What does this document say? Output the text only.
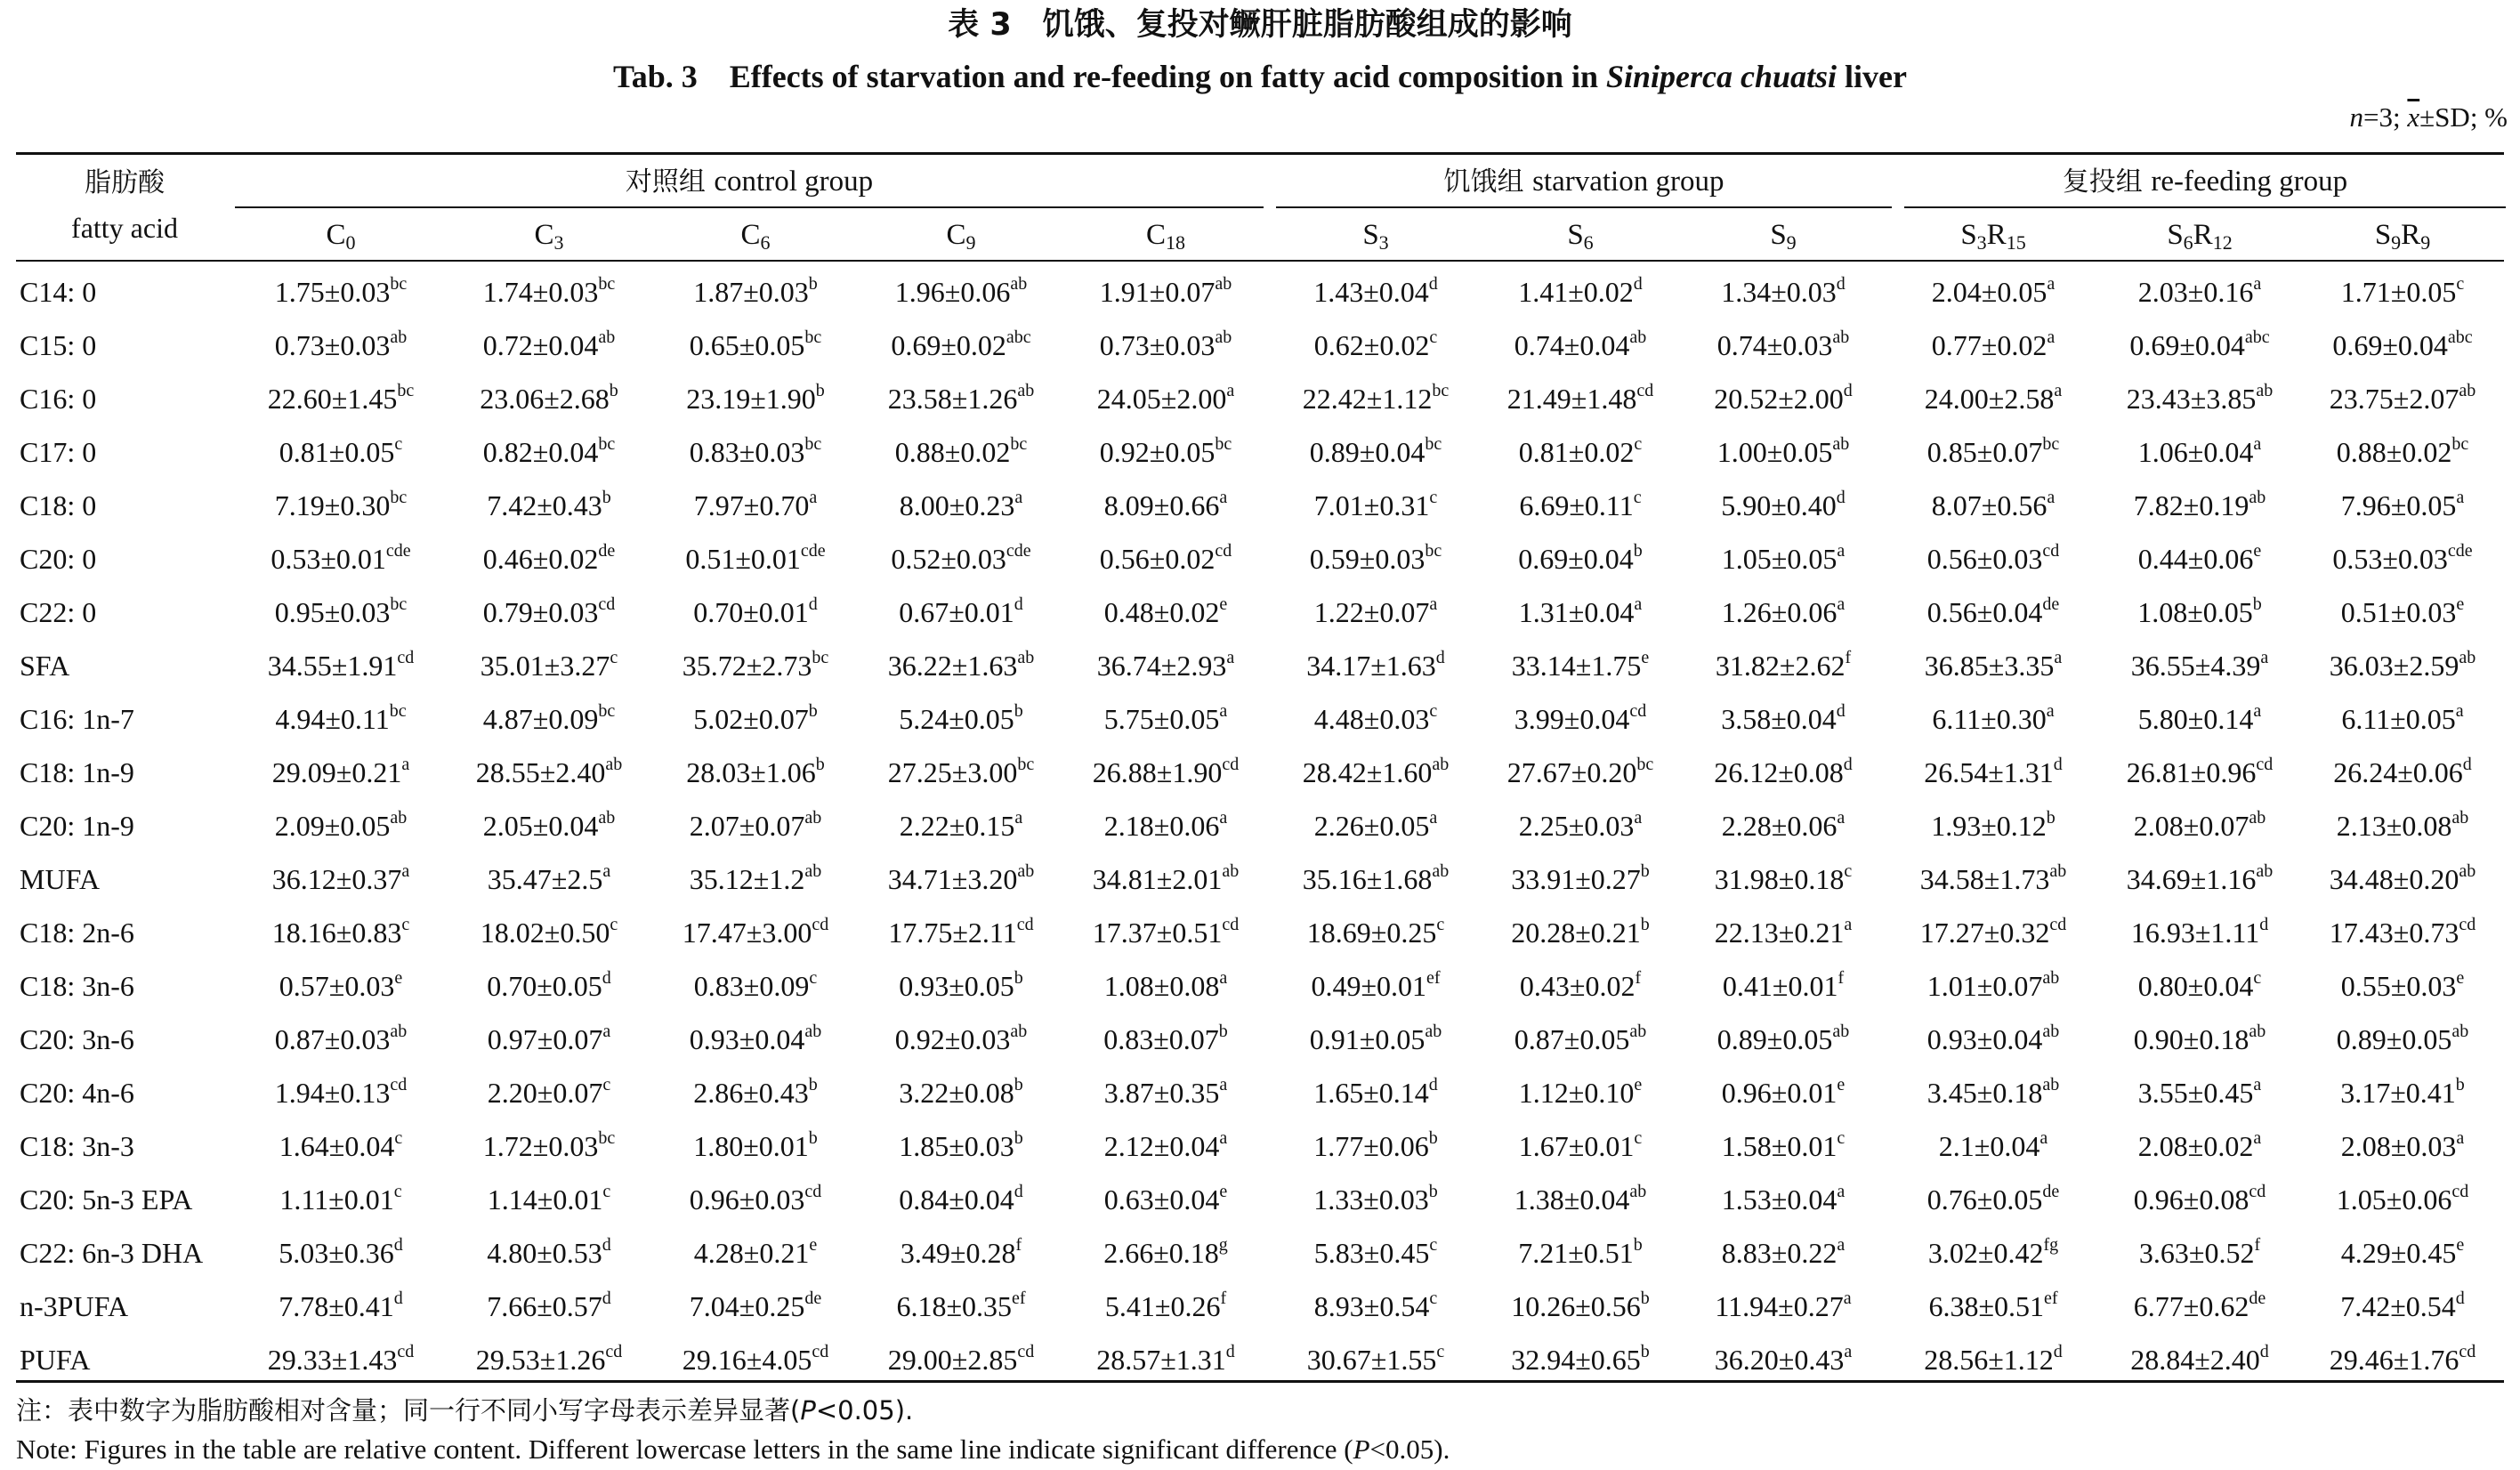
表 3　饥饿、复投对鳜肝脏脂肪酸组成的影响
Tab. 3　Effects of starvation and re-feeding on fatty acid composition in Siniperca chuatsi liver
n=3; $\overline{x}\pm SD$; %
脂肪酸
fatty acid
对照组 control group	饥饿组 starvation group	复投组 re-feeding group
$C_0$	$C_3$	$C_6$	$C_9$	$C_{18}$	$S_3$	$S_6$	$S_9$	$S_3R_{15}$	$S_6R_{12}$	$S_9R_9$
C14: 0	1.75±0.03$^{bc}$	1.74±0.03$^{bc}$	1.87±0.03$^b$	1.96±0.06$^{ab}$	1.91±0.07$^{ab}$	1.43±0.04$^d$	1.41±0.02$^d$	1.34±0.03$^d$	2.04±0.05$^a$	2.03±0.16$^a$	1.71±0.05$^c$
C15: 0	0.73±0.03$^{ab}$	0.72±0.04$^{ab}$	0.65±0.05$^{bc}$	0.69±0.02$^{abc}$	0.73±0.03$^{ab}$	0.62±0.02$^c$	0.74±0.04$^{ab}$	0.74±0.03$^{ab}$	0.77±0.02$^a$	0.69±0.04$^{abc}$	0.69±0.04$^{abc}$
C16: 0	22.60±1.45$^{bc}$	23.06±2.68$^b$	23.19±1.90$^b$	23.58±1.26$^{ab}$	24.05±2.00$^a$	22.42±1.12$^{bc}$	21.49±1.48$^{cd}$	20.52±2.00$^d$	24.00±2.58$^a$	23.43±3.85$^{ab}$	23.75±2.07$^{ab}$
C17: 0	0.81±0.05$^c$	0.82±0.04$^{bc}$	0.83±0.03$^{bc}$	0.88±0.02$^{bc}$	0.92±0.05$^{bc}$	0.89±0.04$^{bc}$	0.81±0.02$^c$	1.00±0.05$^{ab}$	0.85±0.07$^{bc}$	1.06±0.04$^a$	0.88±0.02$^{bc}$
C18: 0	7.19±0.30$^{bc}$	7.42±0.43$^b$	7.97±0.70$^a$	8.00±0.23$^a$	8.09±0.66$^a$	7.01±0.31$^c$	6.69±0.11$^c$	5.90±0.40$^d$	8.07±0.56$^a$	7.82±0.19$^{ab}$	7.96±0.05$^a$
C20: 0	0.53±0.01$^{cde}$	0.46±0.02de	0.51±0.01$^{cde}$	0.52±0.03$^{cde}$	0.56±0.02$^{cd}$	0.59±0.03$^{bc}$	0.69±0.04$^b$	1.05±0.05$^a$	0.56±0.03$^{cd}$	0.44±0.06$^e$	0.53±0.03$^{cde}$
C22: 0	0.95±0.03$^{bc}$	0.79±0.03$^{cd}$	0.70±0.01$^d$	0.67±0.01$^d$	0.48±0.02$^e$	1.22±0.07$^a$	1.31±0.04$^a$	1.26±0.06$^a$	0.56±0.04de	1.08±0.05$^b$	0.51±0.03$^e$
SFA	34.55±1.91$^{cd}$	35.01±3.27$^c$	35.72±2.73$^{bc}$	36.22±1.63$^{ab}$	36.74±2.93$^a$	34.17±1.63$^d$	33.14±1.75$^e$	31.82±2.62$^f$	36.85±3.35$^a$	36.55±4.39$^a$	36.03±2.59$^{ab}$
C16: 1n-7	4.94±0.11$^{bc}$	4.87±0.09$^{bc}$	5.02±0.07$^b$	5.24±0.05$^b$	5.75±0.05$^a$	4.48±0.03$^c$	3.99±0.04$^{cd}$	3.58±0.04$^d$	6.11±0.30$^a$	5.80±0.14$^a$	6.11±0.05$^a$
C18: 1n-9	29.09±0.21$^a$	28.55±2.40$^{ab}$	28.03±1.06$^b$	27.25±3.00$^{bc}$	26.88±1.90$^{cd}$	28.42±1.60$^{ab}$	27.67±0.20$^{bc}$	26.12±0.08$^d$	26.54±1.31$^d$	26.81±0.96$^{cd}$	26.24±0.06$^d$
C20: 1n-9	2.09±0.05$^{ab}$	2.05±0.04$^{ab}$	2.07±0.07$^{ab}$	2.22±0.15$^a$	2.18±0.06$^a$	2.26±0.05$^a$	2.25±0.03$^a$	2.28±0.06$^a$	1.93±0.12$^b$	2.08±0.07$^{ab}$	2.13±0.08$^{ab}$
MUFA	36.12±0.37$^a$	35.47±2.5$^a$	35.12±1.2$^{ab}$	34.71±3.20$^{ab}$	34.81±2.01$^{ab}$	35.16±1.68$^{ab}$	33.91±0.27$^b$	31.98±0.18$^c$	34.58±1.73$^{ab}$	34.69±1.16$^{ab}$	34.48±0.20$^{ab}$
C18: 2n-6	18.16±0.83$^c$	18.02±0.50$^c$	17.47±3.00$^{cd}$	17.75±2.11$^{cd}$	17.37±0.51$^{cd}$	18.69±0.25$^c$	20.28±0.21$^b$	22.13±0.21$^a$	17.27±0.32$^{cd}$	16.93±1.11$^d$	17.43±0.73$^{cd}$
C18: 3n-6	0.57±0.03$^e$	0.70±0.05$^d$	0.83±0.09$^c$	0.93±0.05$^b$	1.08±0.08$^a$	0.49±0.01$^{ef}$	0.43±0.02$^f$	0.41±0.01$^f$	1.01±0.07$^{ab}$	0.80±0.04$^c$	0.55±0.03$^e$
C20: 3n-6	0.87±0.03$^{ab}$	0.97±0.07$^a$	0.93±0.04$^{ab}$	0.92±0.03$^{ab}$	0.83±0.07$^b$	0.91±0.05$^{ab}$	0.87±0.05$^{ab}$	0.89±0.05$^{ab}$	0.93±0.04$^{ab}$	0.90±0.18$^{ab}$	0.89±0.05$^{ab}$
C20: 4n-6	1.94±0.13$^{cd}$	2.20±0.07$^c$	2.86±0.43$^b$	3.22±0.08$^b$	3.87±0.35$^a$	1.65±0.14$^d$	1.12±0.10$^e$	0.96±0.01$^e$	3.45±0.18$^{ab}$	3.55±0.45$^a$	3.17±0.41$^b$
C18: 3n-3	1.64±0.04$^c$	1.72±0.03$^{bc}$	1.80±0.01$^b$	1.85±0.03$^b$	2.12±0.04$^a$	1.77±0.06$^b$	1.67±0.01$^c$	1.58±0.01$^c$	2.1±0.04$^a$	2.08±0.02$^a$	2.08±0.03$^a$
C20: 5n-3 EPA	1.11±0.01$^c$	1.14±0.01$^c$	0.96±0.03$^{cd}$	0.84±0.04$^d$	0.63±0.04$^e$	1.33±0.03$^b$	1.38±0.04$^{ab}$	1.53±0.04$^a$	0.76±0.05de	0.96±0.08$^{cd}$	1.05±0.06$^{cd}$
C22: 6n-3 DHA	5.03±0.36$^d$	4.80±0.53$^d$	4.28±0.21$^e$	3.49±0.28$^f$	2.66±0.18$^g$	5.83±0.45$^c$	7.21±0.51$^b$	8.83±0.22$^a$	3.02±0.42$^{fg}$	3.63±0.52$^f$	4.29±0.45$^e$
n-3PUFA	7.78±0.41$^d$	7.66±0.57$^d$	7.04±0.25de	6.18±0.35$^{ef}$	5.41±0.26$^f$	8.93±0.54$^c$	10.26±0.56$^b$	11.94±0.27$^a$	6.38±0.51$^{ef}$	6.77±0.62de	7.42±0.54$^d$
PUFA	29.33±1.43$^{cd}$	29.53±1.26$^{cd}$	29.16±4.05$^{cd}$	29.00±2.85$^{cd}$	28.57±1.31$^d$	30.67±1.55$^c$	32.94±0.65$^b$	36.20±0.43$^a$	28.56±1.12$^d$	28.84±2.40$^d$	29.46±1.76$^{cd}$
注：表中数字为脂肪酸相对含量；同一行不同小写字母表示差异显著(P<0.05).
Note: Figures in the table are relative content. Different lowercase letters in the same line indicate significant difference (P<0.05).
